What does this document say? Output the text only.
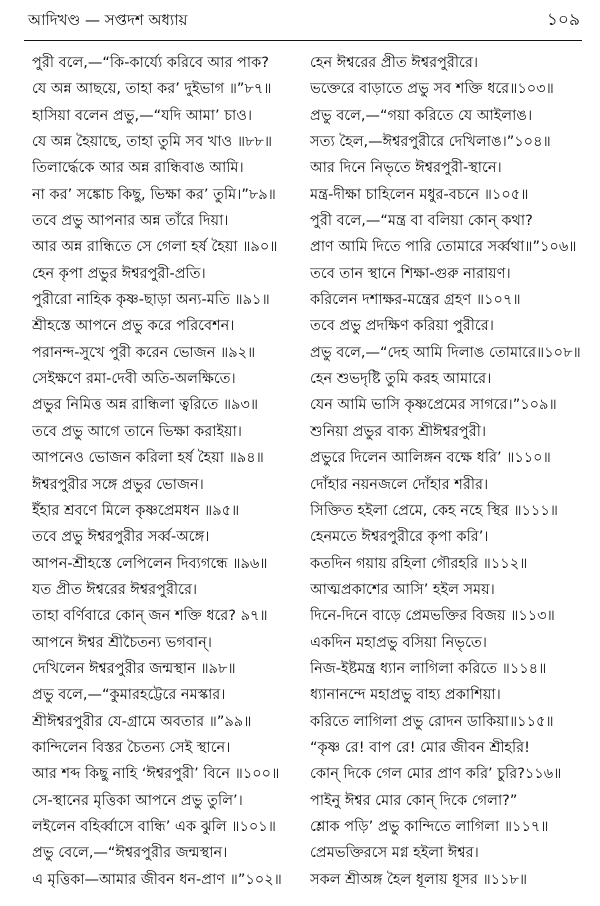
আদিখণ্ড — সপ্তদশ অধ্যায়	১০৯
পুরী বলে,—“কি-কার্য্যে করিবে আর পাক?
যে অন্ন আছয়ে, তাহা কর’ দুইভাগ ॥”৮৭॥
হাসিয়া বলেন প্রভু,—“যদি আমা’ চাও।
যে অন্ন হৈয়াছে, তাহা তুমি সব খাও ॥৮৮॥
তিলার্দ্ধেকে আর অন্ন রান্ধিবাঙ আমি।
না কর’ সঙ্কোচ কিছু, ভিক্ষা কর’ তুমি।”৮৯॥
তবে প্রভু আপনার অন্ন তাঁরে দিয়া।
আর অন্ন রান্ধিতে সে গেলা হর্ষ হৈয়া ॥৯০॥
হেন কৃপা প্রভুর ঈশ্বরপুরী-প্রতি।
পুরীরো নাহিক কৃষ্ণ-ছাড়া অন্য-মতি ॥৯১॥
শ্রীহস্তে আপনে প্রভু করে পরিবেশন।
পরানন্দ-সুখে পুরী করেন ভোজন ॥৯২॥
সেইক্ষণে রমা-দেবী অতি-অলক্ষিতে।
প্রভুর নিমিত্ত অন্ন রান্ধিলা ত্বরিতে ॥৯৩॥
তবে প্রভু আগে তানে ভিক্ষা করাইয়া।
আপনেও ভোজন করিলা হর্ষ হৈয়া ॥৯৪॥
ঈশ্বরপুরীর সঙ্গে প্রভুর ভোজন।
ইঁহার শ্রবণে মিলে কৃষ্ণপ্রেমধন ॥৯৫॥
তবে প্রভু ঈশ্বরপুরীর সর্ব্ব-অঙ্গে।
আপন-শ্রীহস্তে লেপিলেন দিব্যগন্ধে ॥৯৬॥
যত প্রীত ঈশ্বরের ঈশ্বরপুরীরে।
তাহা বর্ণিবারে কোন্‌ জন শক্তি ধরে? ৯৭॥
আপনে ঈশ্বর শ্রীচৈতন্য ভগবান্‌।
দেখিলেন ঈশ্বরপুরীর জন্মস্থান ॥৯৮॥
প্রভু বলে,—“কুমারহট্টেরে নমস্কার।
শ্রীঈশ্বরপুরীর যে-গ্রামে অবতার ॥”৯৯॥
কান্দিলেন বিস্তর চৈতন্য সেই স্থানে।
আর শব্দ কিছু নাহি ‘ঈশ্বরপুরী’ বিনে ॥১০০॥
সে-স্থানের মৃত্তিকা আপনে প্রভু তুলি’।
লইলেন বহির্ব্বাসে বান্ধি’ এক ঝুলি ॥১০১॥
প্রভু বেলে,—“ঈশ্বরপুরীর জন্মস্থান।
এ মৃত্তিকা—আমার জীবন ধন-প্রাণ ॥”১০২॥
হেন ঈশ্বরের প্রীত ঈশ্বরপুরীরে।
ভক্তেরে বাড়াতে প্রভু সব শক্তি ধরে॥১০৩॥
প্রভু বলে,—“গয়া করিতে যে আইলাঙ।
সত্য হৈল,—ঈশ্বরপুরীরে দেখিলাঙ।”১০৪॥
আর দিনে নিভৃতে ঈশ্বরপুরী-স্থানে।
মন্ত্র-দীক্ষা চাহিলেন মধুর-বচনে ॥১০৫॥
পুরী বলে,—“মন্ত্র বা বলিয়া কোন্‌ কথা?
প্রাণ আমি দিতে পারি তোমারে সর্ব্বথা॥”১০৬॥
তবে তান স্থানে শিক্ষা-গুরু নারায়ণ।
করিলেন দশাক্ষর-মন্ত্রের গ্রহণ ॥১০৭॥
তবে প্রভু প্রদক্ষিণ করিয়া পুরীরে।
প্রভু বলে,—“দেহ আমি দিলাঙ তোমারে॥১০৮॥
হেন শুভদৃষ্টি তুমি করহ আমারে।
যেন আমি ভাসি কৃষ্ণপ্রেমের সাগরে।”১০৯॥
শুনিয়া প্রভুর বাক্য শ্রীঈশ্বরপুরী।
প্রভুরে দিলেন আলিঙ্গন বক্ষে ধরি’ ॥১১০॥
দোঁহার নয়নজলে দোঁহার শরীর।
সিক্তিত হইলা প্রেমে, কেহ নহে স্থির ॥১১১॥
হেনমতে ঈশ্বরপুরীরে কৃপা করি’।
কতদিন গয়ায় রহিলা গৌরহরি ॥১১২॥
আত্মপ্রকাশের আসি’ হইল সময়।
দিনে-দিনে বাড়ে প্রেমভক্তির বিজয় ॥১১৩॥
একদিন মহাপ্রভু বসিয়া নিভৃতে।
নিজ-ইষ্টমন্ত্র ধ্যান লাগিলা করিতে ॥১১৪॥
ধ্যানানন্দে মহাপ্রভু বাহ্য প্রকাশিয়া।
করিতে লাগিলা প্রভু রোদন ডাকিয়া॥১১৫॥
“কৃষ্ণ রে! বাপ রে! মোর জীবন শ্রীহরি!
কোন্‌ দিকে গেল মোর প্রাণ করি’ চুরি?১১৬॥
পাইনু ঈশ্বর মোর কোন্‌ দিকে গেলা?”
শ্লোক পড়ি’ প্রভু কান্দিতে লাগিলা ॥১১৭॥
প্রেমভক্তিরসে মগ্ন হইলা ঈশ্বর।
সকল শ্রীঅঙ্গ হৈল ধূলায় ধূসর ॥১১৮॥
